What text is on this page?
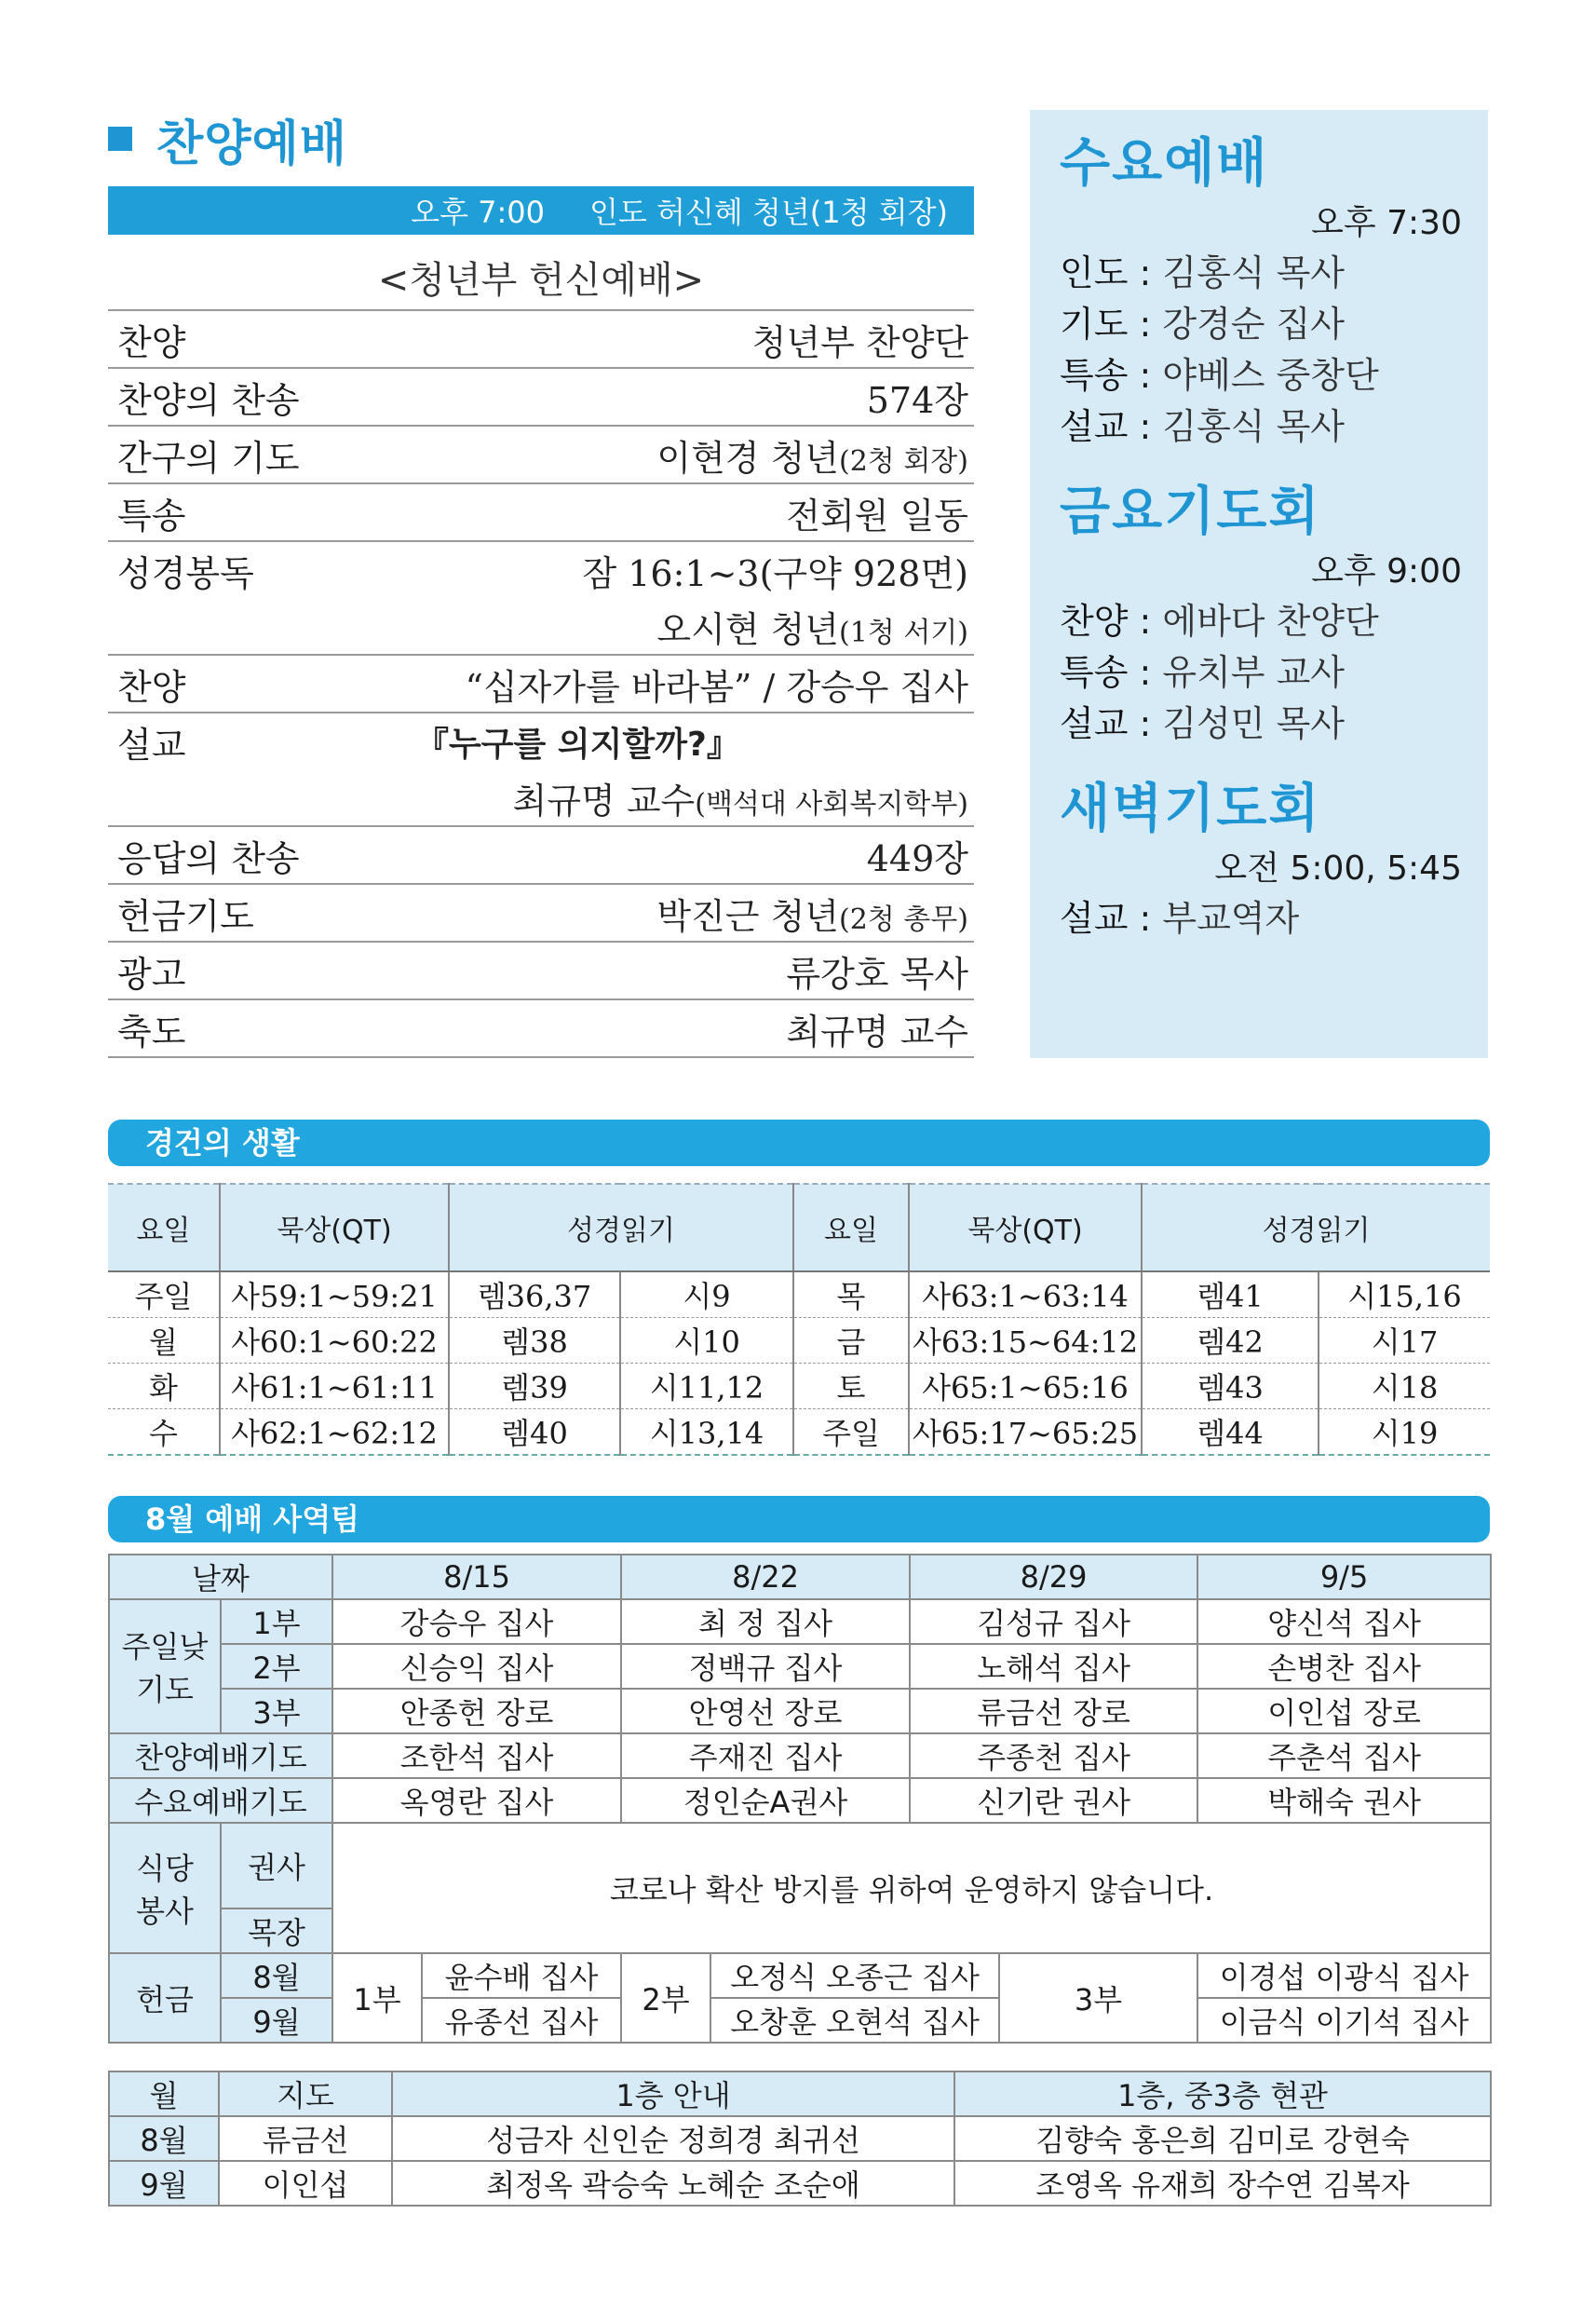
찬양예배
오후 7:00 인도 허신혜 청년(1청 회장)
<청년부 헌신예배>
찬양	청년부 찬양단
찬양의 찬송	574장
간구의 기도	이현경 청년(2청 회장)
특송	전회원 일동
성경봉독	잠 16:1~3(구약 928면)
오시현 청년(1청 서기)
찬양	“십자가를 바라봄” / 강승우 집사
설교	『누구를 의지할까?』
최규명 교수(백석대 사회복지학부)
응답의 찬송	449장
헌금기도	박진근 청년(2청 총무)
광고	류강호 목사
축도	최규명 교수
수요예배
오후 7:30
인도 : 김홍식 목사
기도 : 강경순 집사
특송 : 야베스 중창단
설교 : 김홍식 목사
금요기도회
오후 9:00
찬양 : 에바다 찬양단
특송 : 유치부 교사
설교 : 김성민 목사
새벽기도회
오전 5:00, 5:45
설교 : 부교역자
경건의 생활
요일	묵상(QT)	성경읽기		요일	묵상(QT)	성경읽기	
주일	사59:1~59:21	렘36,37	시9	목	사63:1~63:14	렘41	시15,16
월	사60:1~60:22	렘38	시10	금	사63:15~64:12	렘42	시17
화	사61:1~61:11	렘39	시11,12	토	사65:1~65:16	렘43	시18
수	사62:1~62:12	렘40	시13,14	주일	사65:17~65:25	렘44	시19
8월 예배 사역팀
날짜		8/15		8/22		8/29		9/5
주일낮
기도	1부	강승우 집사		최 정 집사		김성규 집사		양신석 집사
	2부	신승익 집사		정백규 집사		노해석 집사		손병찬 집사
	3부	안종헌 장로		안영선 장로		류금선 장로		이인섭 장로
찬양예배기도		조한석 집사		주재진 집사		주종천 집사		주춘석 집사
수요예배기도		옥영란 집사		정인순A권사		신기란 권사		박해숙 권사
식당
봉사	권사	코로나 확산 방지를 위하여 운영하지 않습니다.						
	목장							
헌금	8월	1부	윤수배 집사	2부	오정식 오종근 집사		3부	이경섭 이광식 집사
	9월		유종선 집사		오창훈 오현석 집사			이금식 이기석 집사
월	지도	1층 안내	1층, 중3층 현관
8월	류금선	성금자 신인순 정희경 최귀선	김향숙 홍은희 김미로 강현숙
9월	이인섭	최정옥 곽승숙 노혜순 조순애	조영옥 유재희 장수연 김복자
